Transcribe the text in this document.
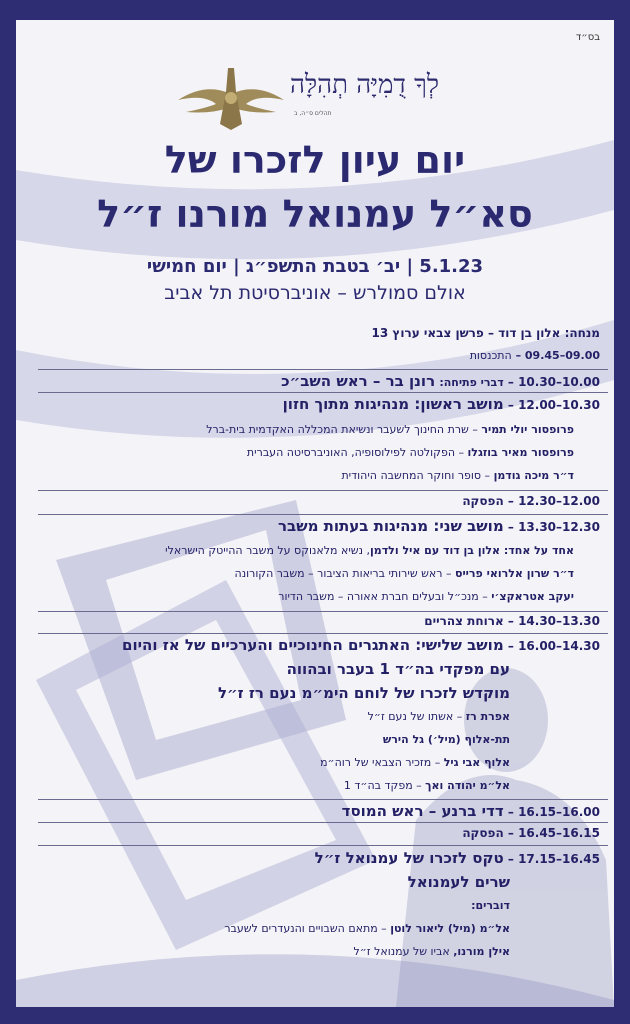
בס״ד
לְךָ דֻמִיָּה תְהִלָּה
תהלים ס״ה, ב
יום עיון לזכרו של
סא״ל עמנואל מורנו ז״ל
5.1.23 | יב׳ בטבת התשפ״ג | יום חמישי
אולם סמולרש – אוניברסיטת תל אביב
מנחה: אלון בן דוד – פרשן צבאי ערוץ 13
09.00–09.45 – התכנסות
10.00–10.30 – דברי פתיחה: רונן בר – ראש השב״כ
10.30–12.00 – מושב ראשון: מנהיגות מתוך חזון
פרופסור יולי תמיר – שרת החינוך לשעבר ונשיאת המכללה האקדמית בית-ברל
פרופסור מאיר בוזגלו – הפקולטה לפילוסופיה, האוניברסיטה העברית
ד״ר מיכה גודמן – סופר וחוקר המחשבה היהודית
12.00–12.30 – הפסקה
12.30–13.30 – מושב שני: מנהיגות בעתות משבר
אחד על אחד: אלון בן דוד עם איל ולדמן, נשיא מלאנוקס על משבר ההייטק הישראלי
ד״ר שרון אלרואי פרייס – ראש שירותי בריאות הציבור – משבר הקורונה
יעקב אטראקצ׳י – מנכ״ל ובעלים חברת אאורה – משבר הדיור
13.30–14.30 – ארוחת צהריים
14.30–16.00 – מושב שלישי: האתגרים החינוכיים והערכיים של אז והיום
עם מפקדי בה״ד 1 בעבר ובהווה
מוקדש לזכרו של לוחם הימ״מ נעם רז ז״ל
אפרת רז – אשתו של נעם ז״ל
תת-אלוף (מיל׳) גל הירש
אלוף אבי גיל – מזכיר הצבאי של רוה״מ
אל״מ יהודה ואך – מפקד בה״ד 1
16.00–16.15 – דדי ברנע – ראש המוסד
16.15–16.45 – הפסקה
16.45–17.15 – טקס לזכרו של עמנואל ז״ל
שרים לעמנואל
דוברים:
אל״מ (מיל) ליאור לוטן – מתאם השבויים והנעדרים לשעבר
אילן מורנו, אביו של עמנואל ז״ל
